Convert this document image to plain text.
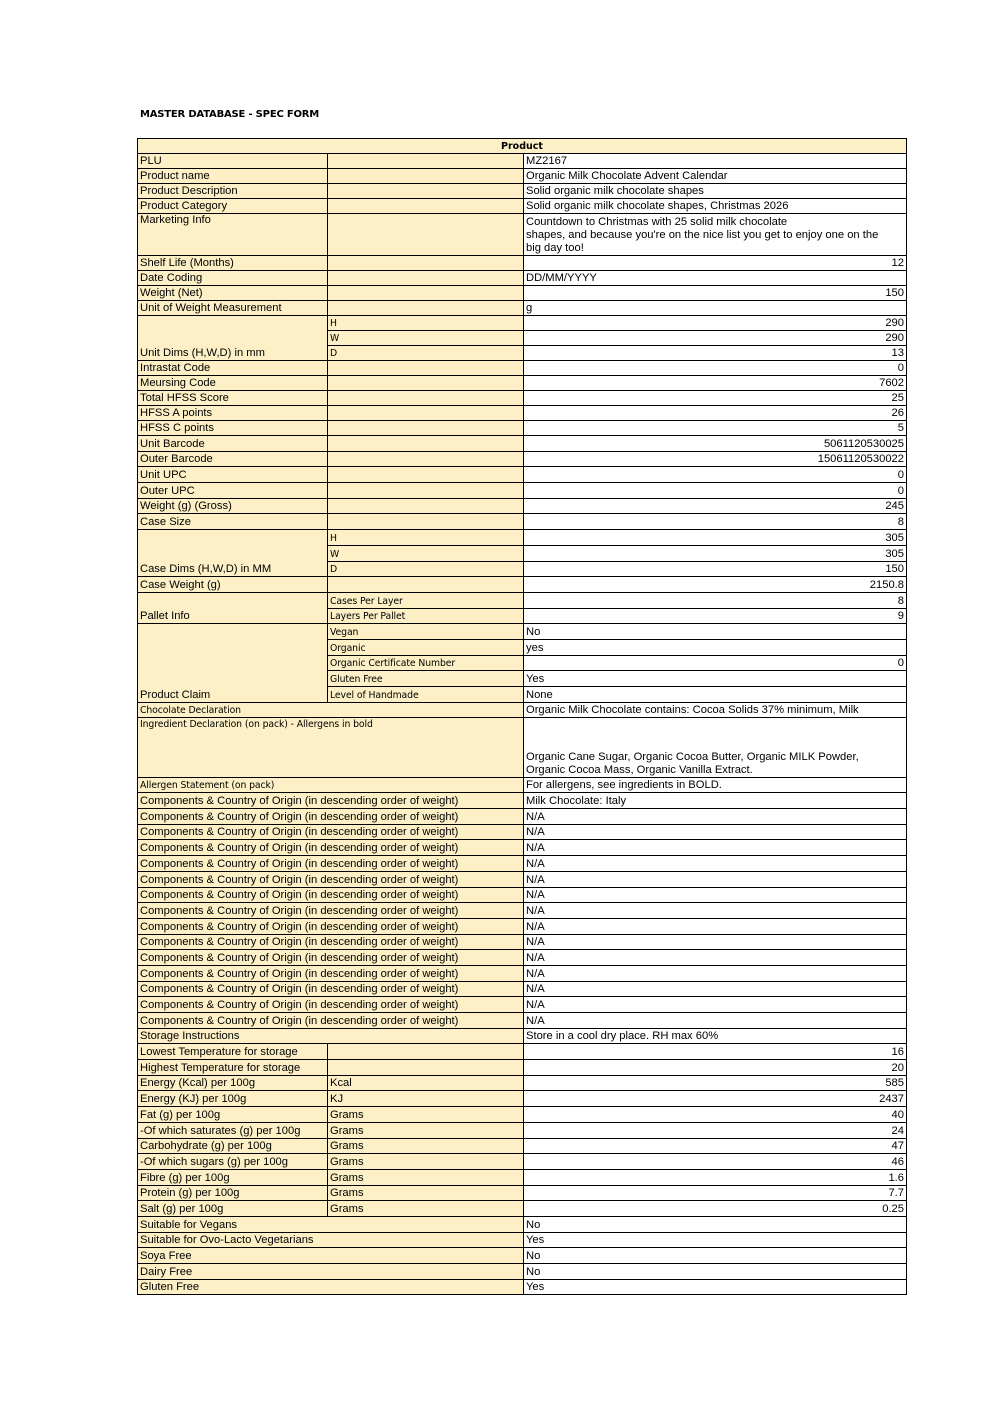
MASTER DATABASE - SPEC FORM
Product		
PLU		MZ2167
Product name		Organic Milk Chocolate Advent Calendar
Product Description		Solid organic milk chocolate shapes
Product Category		Solid organic milk chocolate shapes, Christmas 2026
Marketing Info		Countdown to Christmas with 25 solid milk chocolate
shapes, and because you're on the nice list you get to enjoy one on the
big day too!

Shelf Life (Months)		12
Date Coding		DD/MM/YYYY
Weight (Net)		150
Unit of Weight Measurement		g
Unit Dims (H,W,D) in mm	H	290
	W	290
	D	13
Intrastat Code		0
Meursing Code		7602
Total HFSS Score		25
HFSS A points		26
HFSS C points		5
Unit Barcode		5061120530025
Outer Barcode		15061120530022
Unit UPC		0
Outer UPC		0
Weight (g) (Gross)		245
Case Size		8
Case Dims (H,W,D) in MM	H	305
	W	305
	D	150
Case Weight (g)		2150.8
Pallet Info	Cases Per Layer	8
	Layers Per Pallet	9
Product Claim	Vegan	No
	Organic	yes
	Organic Certificate Number	0
	Gluten Free	Yes
	Level of Handmade	None
Chocolate Declaration		Organic Milk Chocolate contains: Cocoa Solids 37% minimum, Milk
Ingredient Declaration (on pack) - Allergens in bold		Organic Cane Sugar, Organic Cocoa Butter, Organic MILK Powder,
Organic Cocoa Mass, Organic Vanilla Extract.

Allergen Statement (on pack)		For allergens, see ingredients in BOLD.
Components & Country of Origin (in descending order of weight)		Milk Chocolate: Italy
Components & Country of Origin (in descending order of weight)		N/A
Components & Country of Origin (in descending order of weight)		N/A
Components & Country of Origin (in descending order of weight)		N/A
Components & Country of Origin (in descending order of weight)		N/A
Components & Country of Origin (in descending order of weight)		N/A
Components & Country of Origin (in descending order of weight)		N/A
Components & Country of Origin (in descending order of weight)		N/A
Components & Country of Origin (in descending order of weight)		N/A
Components & Country of Origin (in descending order of weight)		N/A
Components & Country of Origin (in descending order of weight)		N/A
Components & Country of Origin (in descending order of weight)		N/A
Components & Country of Origin (in descending order of weight)		N/A
Components & Country of Origin (in descending order of weight)		N/A
Components & Country of Origin (in descending order of weight)		N/A
Storage Instructions		Store in a cool dry place. RH max 60%
Lowest Temperature for storage		16
Highest Temperature for storage		20
Energy (Kcal) per 100g	Kcal	585
Energy (KJ) per 100g	KJ	2437
Fat (g) per 100g	Grams	40
-Of which saturates (g) per 100g	Grams	24
Carbohydrate (g) per 100g	Grams	47
-Of which sugars (g) per 100g	Grams	46
Fibre (g) per 100g	Grams	1.6
Protein (g) per 100g	Grams	7.7
Salt (g) per 100g	Grams	0.25
Suitable for Vegans		No
Suitable for Ovo-Lacto Vegetarians		Yes
Soya Free		No
Dairy Free		No
Gluten Free		Yes
